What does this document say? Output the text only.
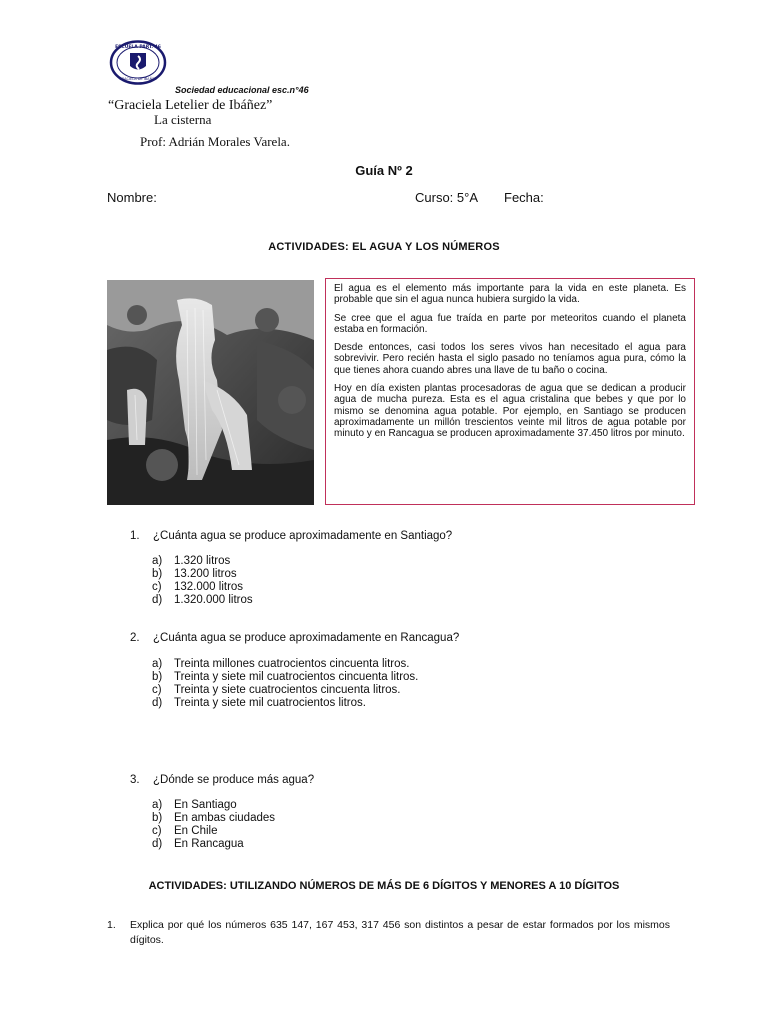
ESCUELA PART. 46
GRACIELA DE IBAÑEZ
Sociedad educacional esc.n°46
“Graciela Letelier de Ibáñez”
La cisterna
Prof: Adrián Morales Varela.
Guía Nº 2
Nombre:	Curso: 5°A Fecha:
ACTIVIDADES: EL AGUA Y LOS NÚMEROS

El agua es el elemento más importante para la vida en este planeta. Es probable que sin el agua nunca hubiera surgido la vida.

Se cree que el agua fue traída en parte por meteoritos cuando el planeta estaba en formación.

Desde entonces, casi todos los seres vivos han necesitado el agua para sobrevivir. Pero recién hasta el siglo pasado no teníamos agua pura, cómo la que tienes ahora cuando abres una llave de tu baño o cocina.

Hoy en día existen plantas procesadoras de agua que se dedican a producir agua de mucha pureza. Esta es el agua cristalina que bebes y que por lo mismo se denomina agua potable. Por ejemplo, en Santiago se producen aproximadamente un millón trescientos veinte mil litros de agua potable por minuto y en Rancagua se producen aproximadamente 37.450 litros por minuto.

1. ¿Cuánta agua se produce aproximadamente en Santiago?
a) 1.320 litros
b) 13.200 litros
c) 132.000 litros
d) 1.320.000 litros
2. ¿Cuánta agua se produce aproximadamente en Rancagua?
a) Treinta millones cuatrocientos cincuenta litros.
b) Treinta y siete mil cuatrocientos cincuenta litros.
c) Treinta y siete cuatrocientos cincuenta litros.
d) Treinta y siete mil cuatrocientos litros.
3. ¿Dónde se produce más agua?
a) En Santiago
b) En ambas ciudades
c) En Chile
d) En Rancagua
ACTIVIDADES: UTILIZANDO NÚMEROS DE MÁS DE 6 DÍGITOS Y MENORES A 10 DÍGITOS
1. Explica por qué los números 635 147, 167 453, 317 456 son distintos a pesar de estar formados por los mismos dígitos.
